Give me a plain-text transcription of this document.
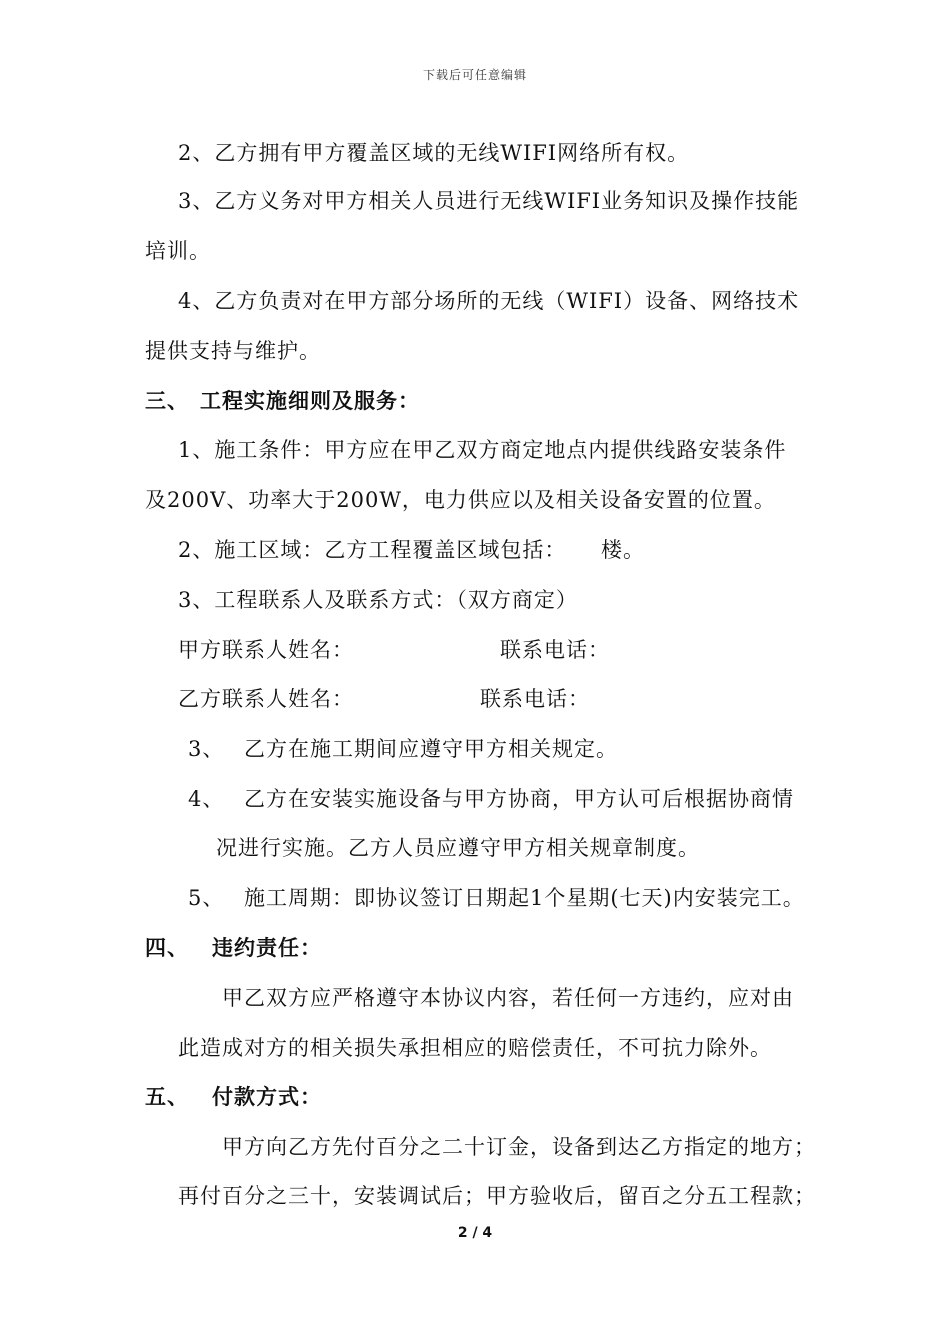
下载后可任意编辑
2、乙方拥有甲方覆盖区域的无线WIFI网络所有权。
3、乙方义务对甲方相关人员进行无线WIFI业务知识及操作技能
培训。
4、乙方负责对在甲方部分场所的无线（WIFI）设备、网络技术
提供支持与维护。
三、 工程实施细则及服务：
1、施工条件：甲方应在甲乙双方商定地点内提供线路安装条件
及200V、功率大于200W，电力供应以及相关设备安置的位置。
2、施工区域：乙方工程覆盖区域包括： 楼。
3、工程联系人及联系方式：（双方商定）
甲方联系人姓名：	联系电话：
乙方联系人姓名：	联系电话：
3、 乙方在施工期间应遵守甲方相关规定。
4、 乙方在安装实施设备与甲方协商，甲方认可后根据协商情
况进行实施。乙方人员应遵守甲方相关规章制度。
5、 施工周期：即协议签订日期起1个星期(七天)内安装完工。
四、 违约责任：
甲乙双方应严格遵守本协议内容，若任何一方违约，应对由
此造成对方的相关损失承担相应的赔偿责任，不可抗力除外。
五、 付款方式：
甲方向乙方先付百分之二十订金，设备到达乙方指定的地方；
再付百分之三十，安装调试后；甲方验收后，留百之分五工程款；
2 / 4
